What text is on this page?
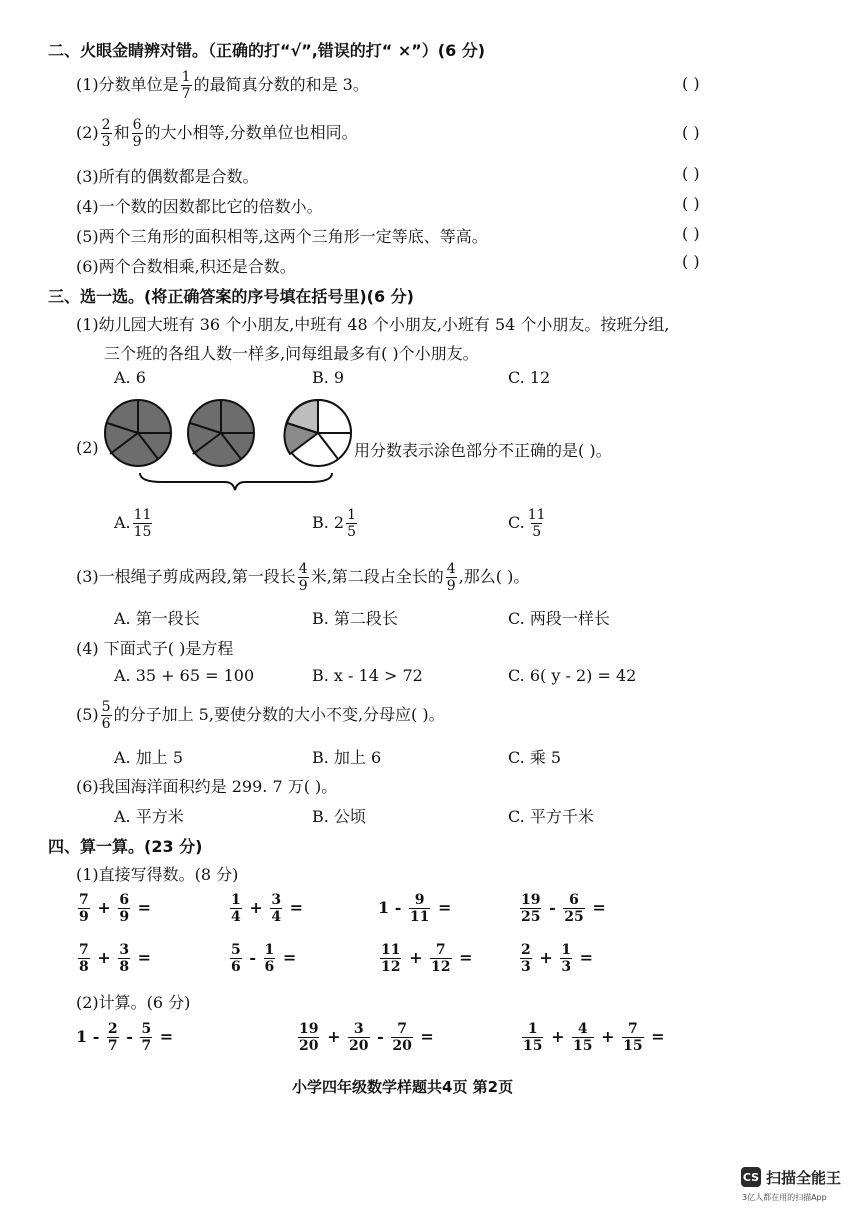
二、火眼金睛辨对错。（正确的打“√”,错误的打“ ×”）(6 分)
(1)分数单位是 $\frac{1}{7}$ 的最简真分数的和是 3。	( )
$(2) \frac{2}{3}$ 和 $\frac{6}{9}$ 的大小相等,分数单位也相同。	( )
(3)所有的偶数都是合数。	( )
(4)一个数的因数都比它的倍数小。	( )
(5)两个三角形的面积相等,这两个三角形一定等底、等高。	( )
(6)两个合数相乘,积还是合数。	( )
三、选一选。(将正确答案的序号填在括号里)(6 分)
(1)幼儿园大班有 36 个小朋友,中班有 48 个小朋友,小班有 54 个小朋友。按班分组,
三个班的各组人数一样多,问每组最多有( )个小朋友。
A. 6	B. 9	C. 12
(2)	用分数表示涂色部分不正确的是( )。
A. $\frac{11}{15}$	B. $2 \frac{1}{5}$	C. $\frac{11}{5}$
(3)一根绳子剪成两段,第一段长 $\frac{4}{9}$ 米,第二段占全长的 $\frac{4}{9}$ ,那么( )。
A. 第一段长	B. 第二段长	C. 两段一样长
(4) 下面式子( )是方程
A. 35 + 65 = 100	B. x - 14 > 72	C. 6( y - 2) = 42
$(5) \frac{5}{6}$ 的分子加上 5,要使分数的大小不变,分母应( )。
A. 加上 5	B. 加上 6	C. 乘 5
(6)我国海洋面积约是 299. 7 万( )。
A. 平方米	B. 公顷	C. 平方千米
四、算一算。(23 分)
(1)直接写得数。(8 分)
$\frac{7}{9} + \frac{6}{9}$ =	$\frac{1}{4} + \frac{3}{4}$ =	$1 - \frac{9}{11}$ =	$\frac{19}{25} - \frac{6}{25}$ =
$\frac{7}{8} + \frac{3}{8}$ =	$\frac{5}{6} - \frac{1}{6}$ =	$\frac{11}{12} + \frac{7}{12}$ =	$\frac{2}{3} + \frac{1}{3}$ =
(2)计算。(6 分)
$1 - \frac{2}{7} - \frac{5}{7}$ =	$\frac{19}{20} + \frac{3}{20} - \frac{7}{20}$ =	$\frac{1}{15} + \frac{4}{15} + \frac{7}{15}$ =
小学四年级数学样题共4页 第2页
CS 扫描全能王
3亿人都在用的扫描App
